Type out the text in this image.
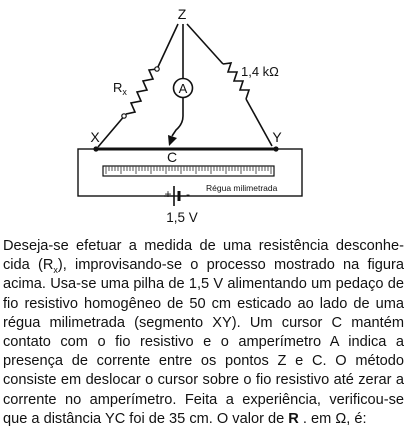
Z
$R_x$
1,4 kΩ
A
X	Y
C
Régua milimetrada
+ -
1,5 V

Deseja-se efetuar a medida de uma resistência desconhe-cida $(R_x)$, improvisando-se o processo mostrado na figura acima. Usa-se uma pilha de 1,5 V alimentando um pedaço de fio resistivo homogêneo de 50 cm esticado ao lado de uma régua milimetrada (segmento XY). Um cursor C mantém contato com o fio resistivo e o amperímetro A indica a presença de corrente entre os pontos Z e C. O método consiste em deslocar o cursor sobre o fio resistivo até zerar a corrente no amperímetro. Feita a experiência, verificou-se que a distância YC foi de 35 cm. O valor de R . em Ω, é:
